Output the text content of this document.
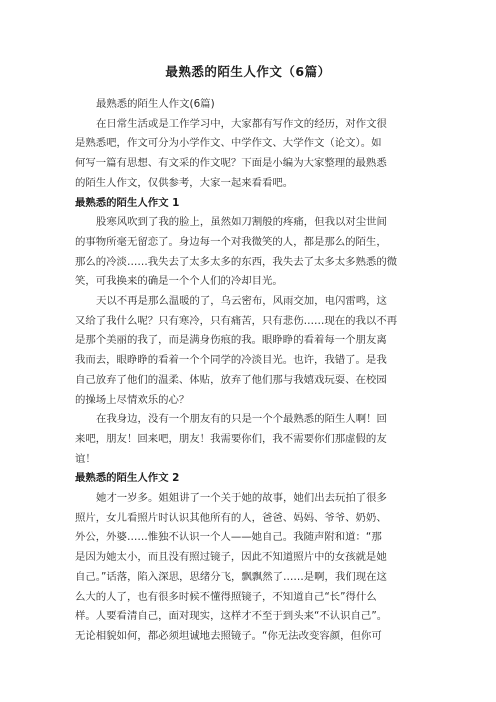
最熟悉的陌生人作文（6篇）
最熟悉的陌生人作文(6篇)
在日常生活或是工作学习中，大家都有写作文的经历，对作文很
是熟悉吧，作文可分为小学作文、中学作文、大学作文（论文）。如
何写一篇有思想、有文采的作文呢？下面是小编为大家整理的最熟悉
的陌生人作文，仅供参考，大家一起来看看吧。
最熟悉的陌生人作文 1
股寒风吹到了我的脸上，虽然如刀割般的疼痛，但我以对尘世间
的事物所毫无留恋了。身边每一个对我微笑的人，都是那么的陌生，
那么的冷淡……我失去了太多太多的东西，我失去了太多太多熟悉的微
笑，可我换来的确是一个个人们的冷却目光。
天以不再是那么温暖的了，乌云密布，风雨交加，电闪雷鸣，这
又给了我什么呢？只有寒冷，只有痛苦，只有悲伤……现在的我以不再
是那个美丽的我了，而是满身伤痕的我。眼睁睁的看着每一个朋友离
我而去，眼睁睁的看着一个个同学的冷淡目光。也许，我错了。是我
自己放弃了他们的温柔、体贴，放弃了他们那与我嬉戏玩耍、在校园
的操场上尽情欢乐的心？
在我身边，没有一个朋友有的只是一个个最熟悉的陌生人啊！回
来吧，朋友！回来吧，朋友！我需要你们，我不需要你们那虚假的友
谊！
最熟悉的陌生人作文 2
她才一岁多。姐姐讲了一个关于她的故事，她们出去玩拍了很多
照片，女儿看照片时认识其他所有的人，爸爸、妈妈、爷爷、奶奶、
外公，外婆……惟独不认识一个人——她自己。我随声附和道：“那
是因为她太小，而且没有照过镜子，因此不知道照片中的女孩就是她
自己。”话落，陷入深思，思绪分飞，飘飘然了……是啊，我们现在这
么大的人了，也有很多时候不懂得照镜子，不知道自己“长”得什么
样。人要看清自己，面对现实，这样才不至于到头来“不认识自己”。
无论相貌如何，都必须坦诚地去照镜子。“你无法改变容颜，但你可
